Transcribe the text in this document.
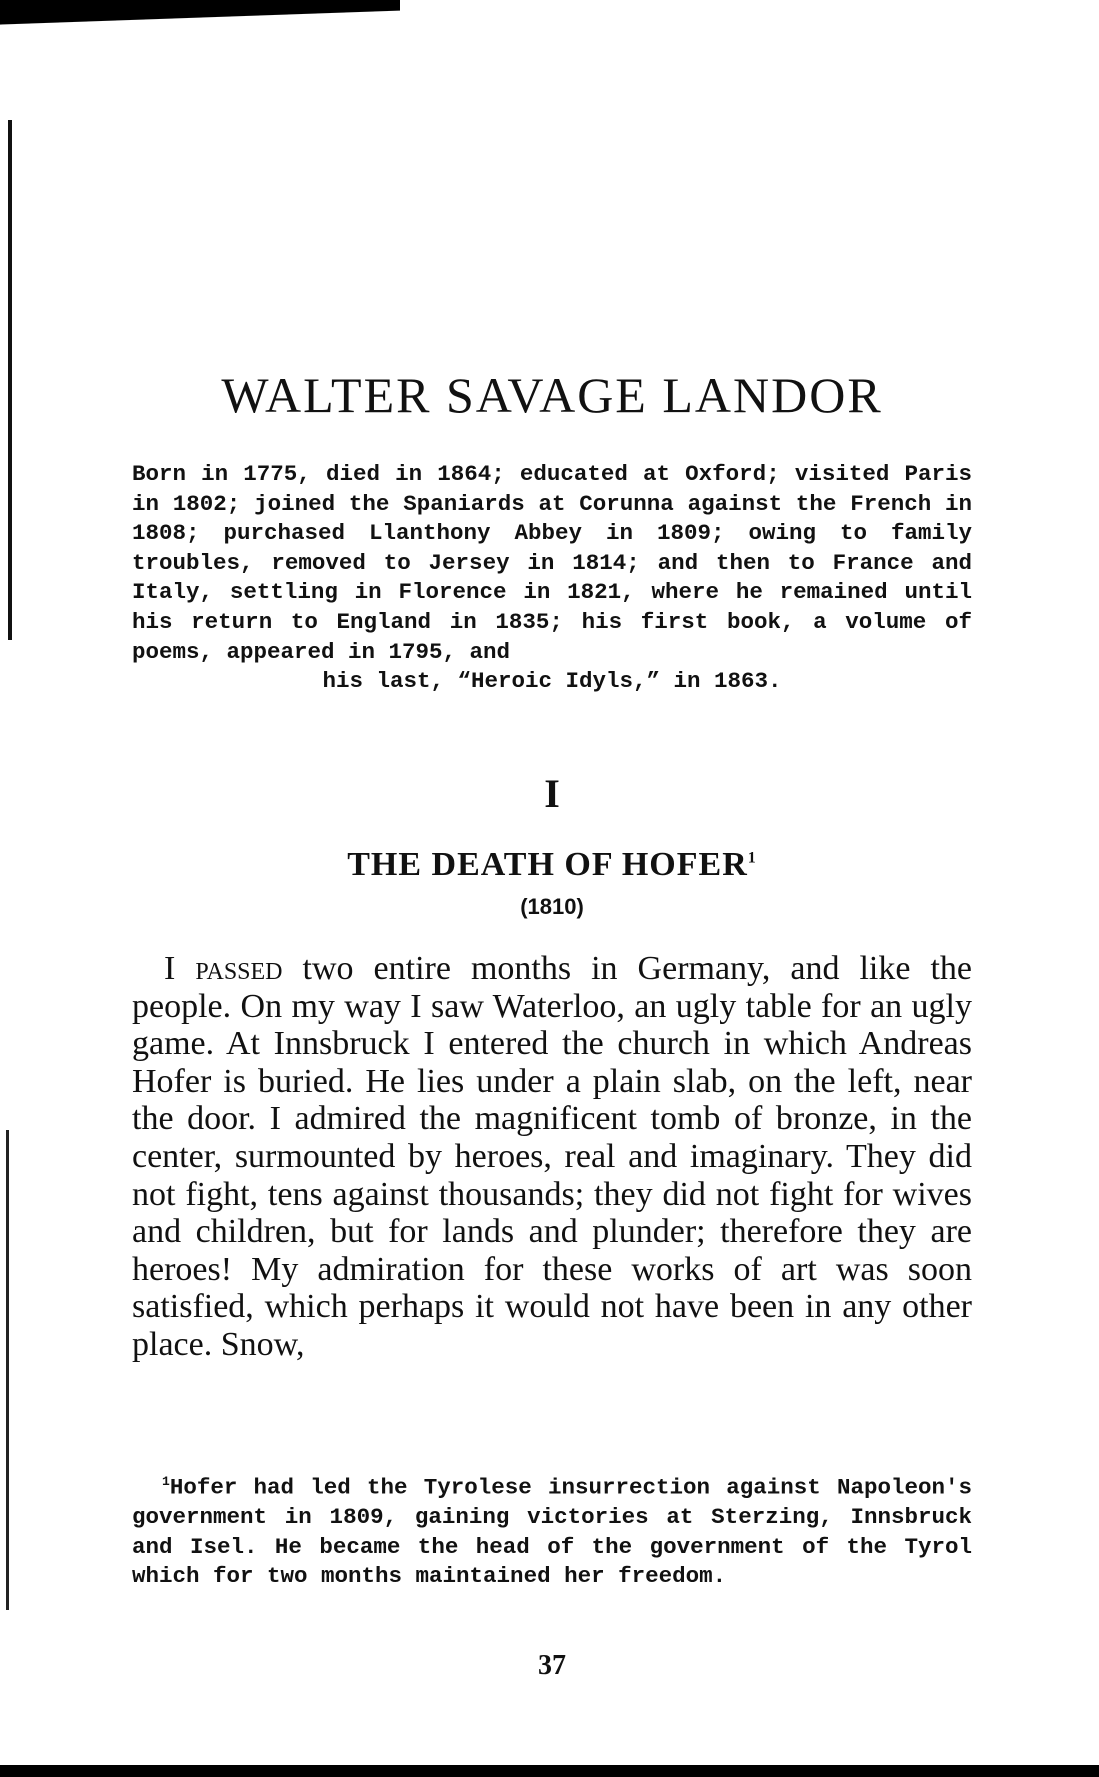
WALTER SAVAGE LANDOR
Born in 1775, died in 1864; educated at Oxford; visited Paris in 1802; joined the Spaniards at Corunna against the French in 1808; purchased Llanthony Abbey in 1809; owing to family troubles, removed to Jersey in 1814; and then to France and Italy, settling in Florence in 1821, where he remained until his return to England in 1835; his first book, a volume of poems, appeared in 1795, and
his last, “Heroic Idyls,” in 1863.
I
THE DEATH OF HOFER$^1$
(1810)

I passed two entire months in Germany, and like the people. On my way I saw Waterloo, an ugly table for an ugly game. At Innsbruck I entered the church in which Andreas Hofer is buried. He lies under a plain slab, on the left, near the door. I admired the magnificent tomb of bronze, in the center, surmounted by heroes, real and imaginary. They did not fight, tens against thousands; they did not fight for wives and children, but for lands and plunder; therefore they are heroes! My admiration for these works of art was soon satisfied, which perhaps it would not have been in any other place. Snow,

$^1$Hofer had led the Tyrolese insurrection against Napoleon's government in 1809, gaining victories at Sterzing, Innsbruck and Isel. He became the head of the government of the Tyrol which for two months maintained her freedom.

37
